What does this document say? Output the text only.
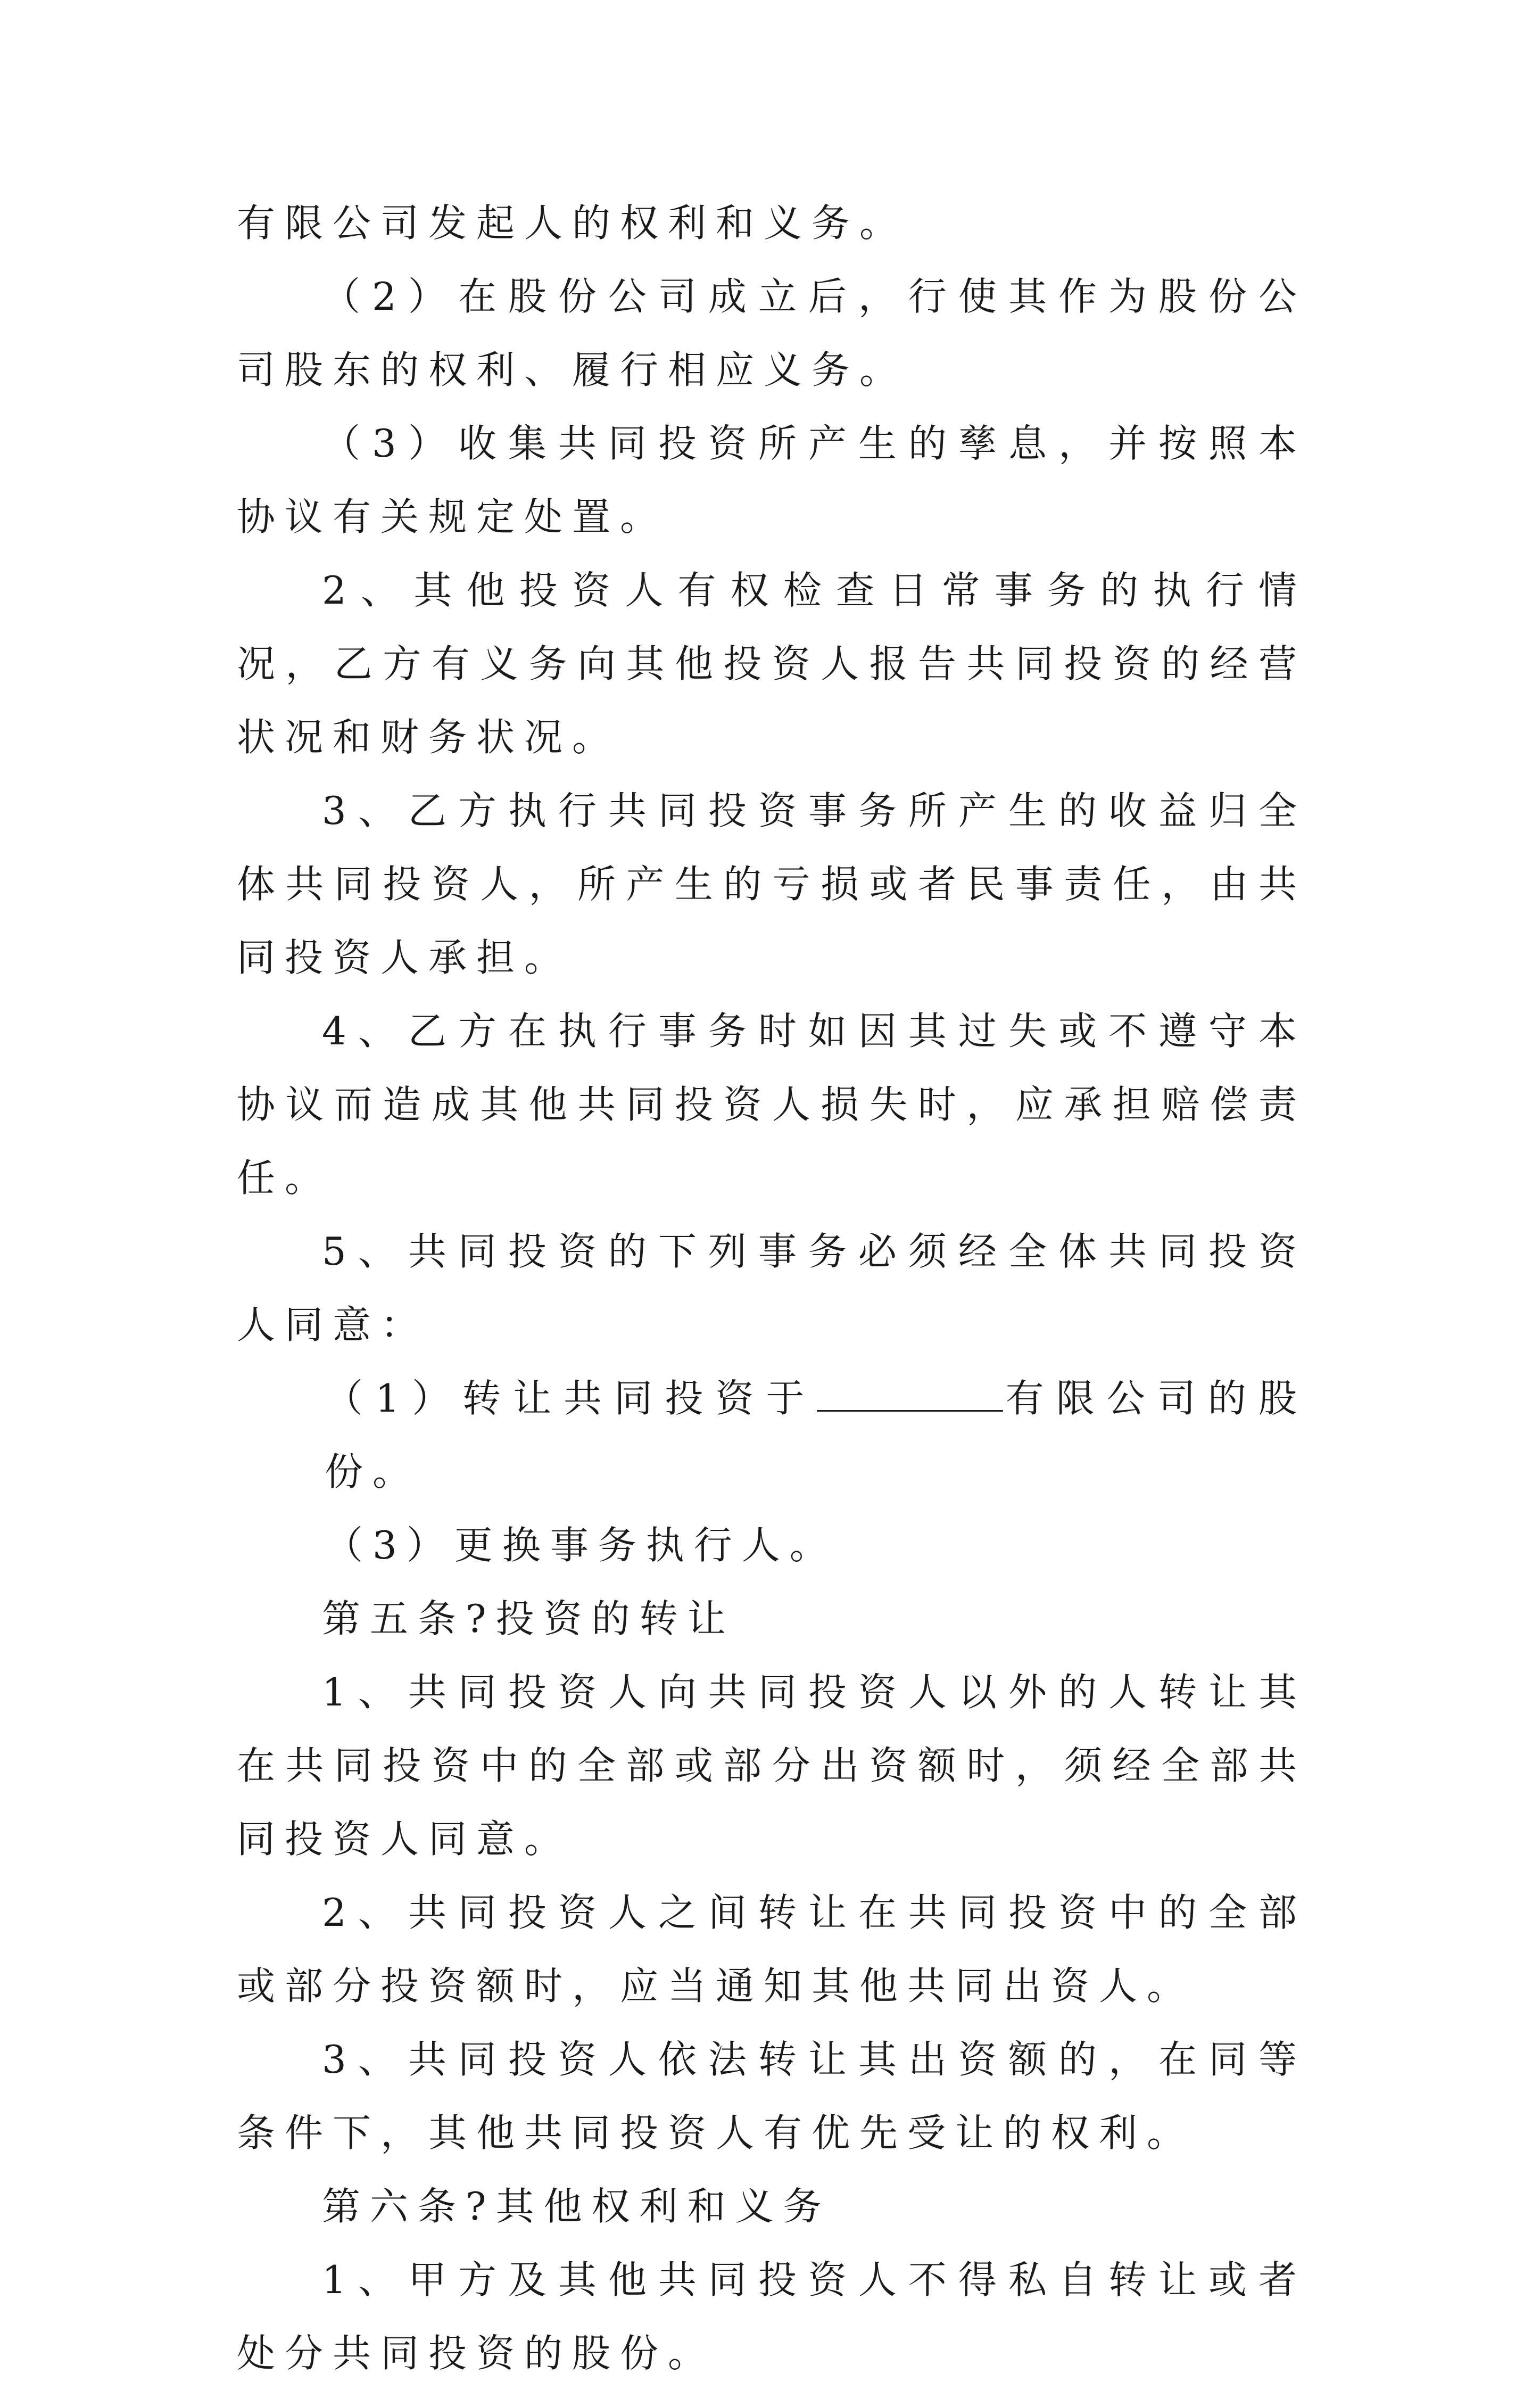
有限公司发起人的权利和义务。

（2）在股份公司成立后，行使其作为股份公司股东的权利、履行相应义务。

（3）收集共同投资所产生的孳息，并按照本协议有关规定处置。

2、其他投资人有权检查日常事务的执行情况，乙方有义务向其他投资人报告共同投资的经营状况和财务状况。

3、乙方执行共同投资事务所产生的收益归全体共同投资人，所产生的亏损或者民事责任，由共同投资人承担。

4、乙方在执行事务时如因其过失或不遵守本协议而造成其他共同投资人损失时，应承担赔偿责任。

5、共同投资的下列事务必须经全体共同投资人同意：

（1）转让共同投资于	有限公司的股份。

（3）更换事务执行人。

第五条?投资的转让

1、共同投资人向共同投资人以外的人转让其在共同投资中的全部或部分出资额时，须经全部共同投资人同意。

2、共同投资人之间转让在共同投资中的全部或部分投资额时，应当通知其他共同出资人。

3、共同投资人依法转让其出资额的，在同等条件下，其他共同投资人有优先受让的权利。

第六条?其他权利和义务

1、甲方及其他共同投资人不得私自转让或者处分共同投资的股份。
